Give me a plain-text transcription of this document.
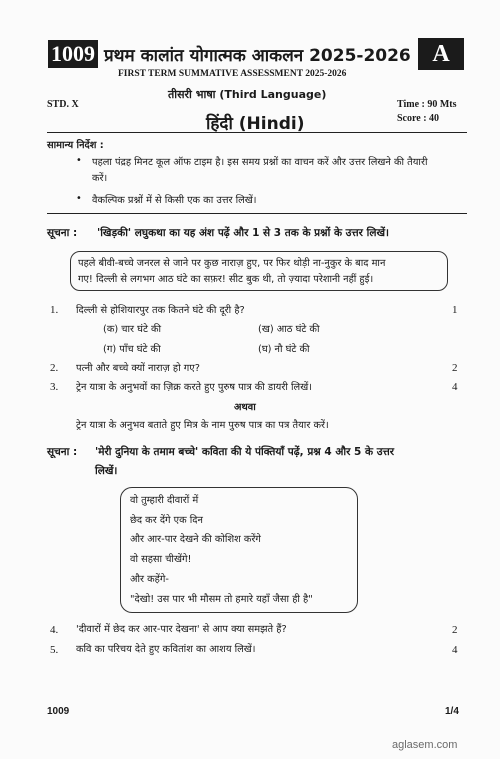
1009 प्रथम कालांत योगात्मक आकलन 2025-2026 A
FIRST TERM SUMMATIVE ASSESSMENT 2025-2026
तीसरी भाषा (Third Language)
STD. X
हिंदी (Hindi)
Time : 90 Mts
Score : 40
सामान्य निर्देश :
• पहला पंद्रह मिनट कूल ऑफ टाइम है। इस समय प्रश्नों का वाचन करें और उत्तर लिखने की तैयारी
करें।
• वैकल्पिक प्रश्नों में से किसी एक का उत्तर लिखें।
सूचना : 'खिड़की' लघुकथा का यह अंश पढ़ें और 1 से 3 तक के प्रश्नों के उत्तर लिखें।
पहले बीवी-बच्चे जनरल से जाने पर कुछ नाराज़ हुए, पर फिर थोड़ी ना-नुकुर के बाद मान
गए! दिल्ली से लगभग आठ घंटे का सफ़र! सीट बुक थी, तो ज़्यादा परेशानी नहीं हुई।
1. दिल्ली से होशियारपुर तक कितने घंटे की दूरी है?	1
(क) चार घंटे की	(ख) आठ घंटे की
(ग) पाँच घंटे की	(घ) नौ घंटे की
2. पत्नी और बच्चे क्यों नाराज़ हो गए?	2
3. ट्रेन यात्रा के अनुभवों का ज़िक्र करते हुए पुरुष पात्र की डायरी लिखें।	4
अथवा
ट्रेन यात्रा के अनुभव बताते हुए मित्र के नाम पुरुष पात्र का पत्र तैयार करें।
सूचना : 'मेरी दुनिया के तमाम बच्चे' कविता की ये पंक्तियाँ पढ़ें, प्रश्न 4 और 5 के उत्तर
लिखें।
वो तुम्हारी दीवारों में
छेद कर देंगे एक दिन
और आर-पार देखने की कोशिश करेंगे
वो सहसा चीखेंगे!
और कहेंगे-
"देखो! उस पार भी मौसम तो हमारे यहाँ जैसा ही है"
4. 'दीवारों में छेद कर आर-पार देखना' से आप क्या समझते हैं?	2
5. कवि का परिचय देते हुए कवितांश का आशय लिखें।	4
1009	1/4
aglasem.com
